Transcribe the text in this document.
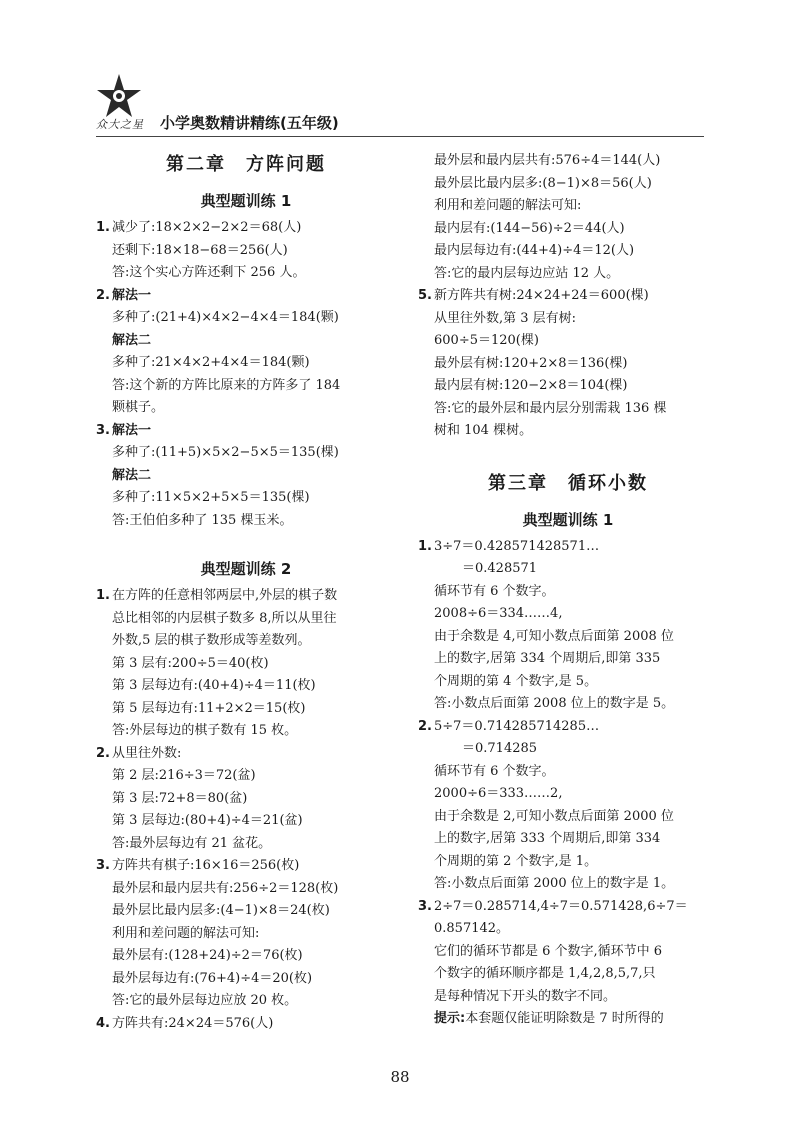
众大之星 小学奥数精讲精练(五年级)
第二章　方阵问题
典型题训练 1
1. 减少了:18×2×2−2×2＝68(人)
还剩下:18×18−68＝256(人)
答:这个实心方阵还剩下 256 人。
2. 解法一
多种了:(21+4)×4×2−4×4＝184(颗)
解法二
多种了:21×4×2+4×4＝184(颗)
答:这个新的方阵比原来的方阵多了 184
颗棋子。
3. 解法一
多种了:(11+5)×5×2−5×5＝135(棵)
解法二
多种了:11×5×2+5×5＝135(棵)
答:王伯伯多种了 135 棵玉米。
典型题训练 2
1. 在方阵的任意相邻两层中,外层的棋子数
总比相邻的内层棋子数多 8,所以从里往
外数,5 层的棋子数形成等差数列。
第 3 层有:200÷5＝40(枚)
第 3 层每边有:(40+4)÷4＝11(枚)
第 5 层每边有:11+2×2＝15(枚)
答:外层每边的棋子数有 15 枚。
2. 从里往外数:
第 2 层:216÷3＝72(盆)
第 3 层:72+8＝80(盆)
第 3 层每边:(80+4)÷4＝21(盆)
答:最外层每边有 21 盆花。
3. 方阵共有棋子:16×16＝256(枚)
最外层和最内层共有:256÷2＝128(枚)
最外层比最内层多:(4−1)×8＝24(枚)
利用和差问题的解法可知:
最外层有:(128+24)÷2＝76(枚)
最外层每边有:(76+4)÷4＝20(枚)
答:它的最外层每边应放 20 枚。
4. 方阵共有:24×24＝576(人)
最外层和最内层共有:576÷4＝144(人)
最外层比最内层多:(8−1)×8＝56(人)
利用和差问题的解法可知:
最内层有:(144−56)÷2＝44(人)
最内层每边有:(44+4)÷4＝12(人)
答:它的最内层每边应站 12 人。
5. 新方阵共有树:24×24+24＝600(棵)
从里往外数,第 3 层有树:
600÷5＝120(棵)
最外层有树:120+2×8＝136(棵)
最内层有树:120−2×8＝104(棵)
答:它的最外层和最内层分别需栽 136 棵
树和 104 棵树。
第三章　循环小数
典型题训练 1
1. 3÷7＝0.428571428571…
＝0.428571
循环节有 6 个数字。
2008÷6＝334……4,
由于余数是 4,可知小数点后面第 2008 位
上的数字,居第 334 个周期后,即第 335
个周期的第 4 个数字,是 5。
答:小数点后面第 2008 位上的数字是 5。
2. 5÷7＝0.714285714285…
＝0.714285
循环节有 6 个数字。
2000÷6＝333……2,
由于余数是 2,可知小数点后面第 2000 位
上的数字,居第 333 个周期后,即第 334
个周期的第 2 个数字,是 1。
答:小数点后面第 2000 位上的数字是 1。
3. 2÷7＝0.285714,4÷7＝0.571428,6÷7＝
0.857142。
它们的循环节都是 6 个数字,循环节中 6
个数字的循环顺序都是 1,4,2,8,5,7,只
是每种情况下开头的数字不同。
提示:本套题仅能证明除数是 7 时所得的
88
